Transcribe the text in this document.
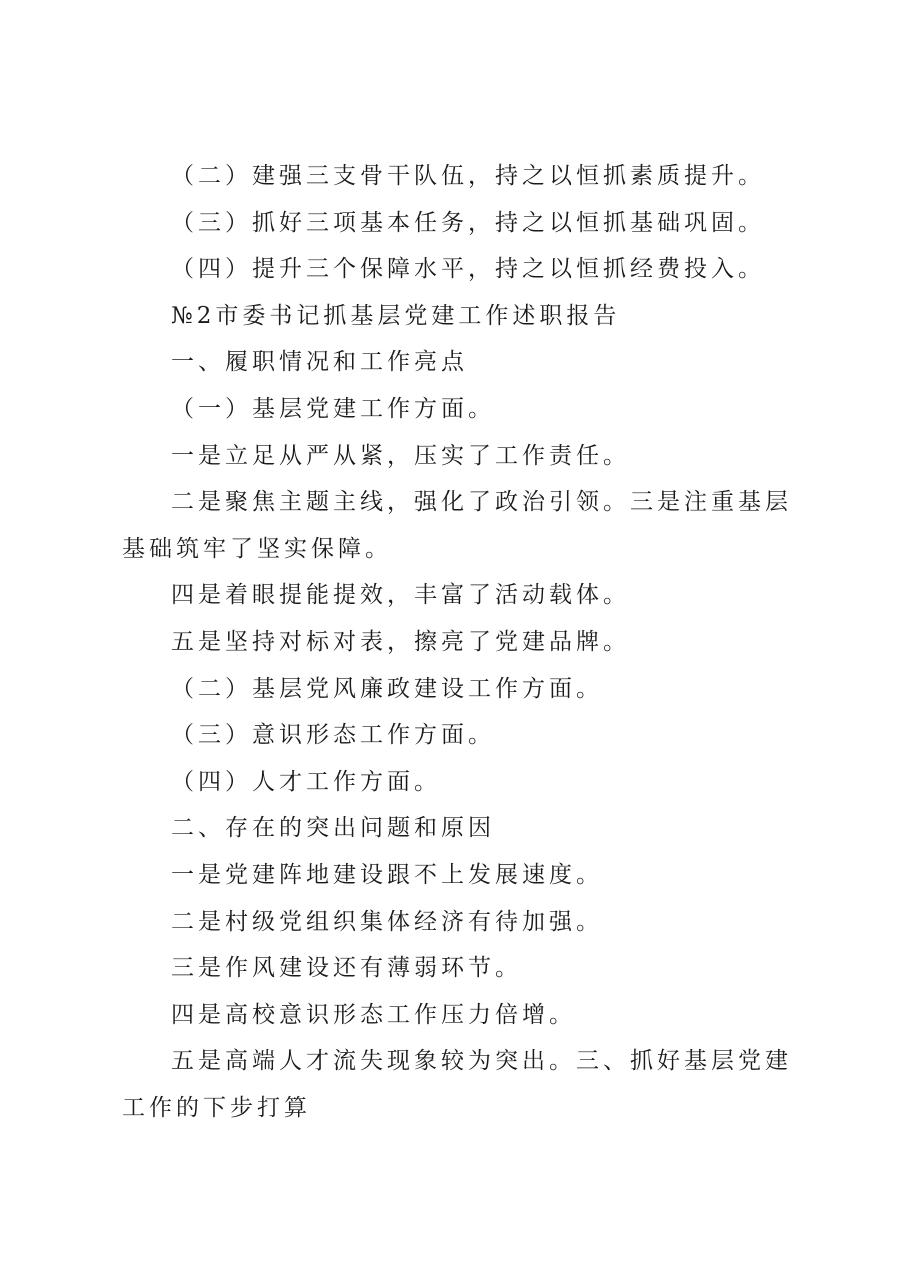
（二）建强三支骨干队伍，持之以恒抓素质提升。

（三）抓好三项基本任务，持之以恒抓基础巩固。

（四）提升三个保障水平，持之以恒抓经费投入。

№2市委书记抓基层党建工作述职报告

一、履职情况和工作亮点

（一）基层党建工作方面。

一是立足从严从紧，压实了工作责任。

二是聚焦主题主线，强化了政治引领。三是注重基层基础筑牢了坚实保障。

四是着眼提能提效，丰富了活动载体。

五是坚持对标对表，擦亮了党建品牌。

（二）基层党风廉政建设工作方面。

（三）意识形态工作方面。

（四）人才工作方面。

二、存在的突出问题和原因

一是党建阵地建设跟不上发展速度。

二是村级党组织集体经济有待加强。

三是作风建设还有薄弱环节。

四是高校意识形态工作压力倍增。

五是高端人才流失现象较为突出。三、抓好基层党建工作的下步打算
